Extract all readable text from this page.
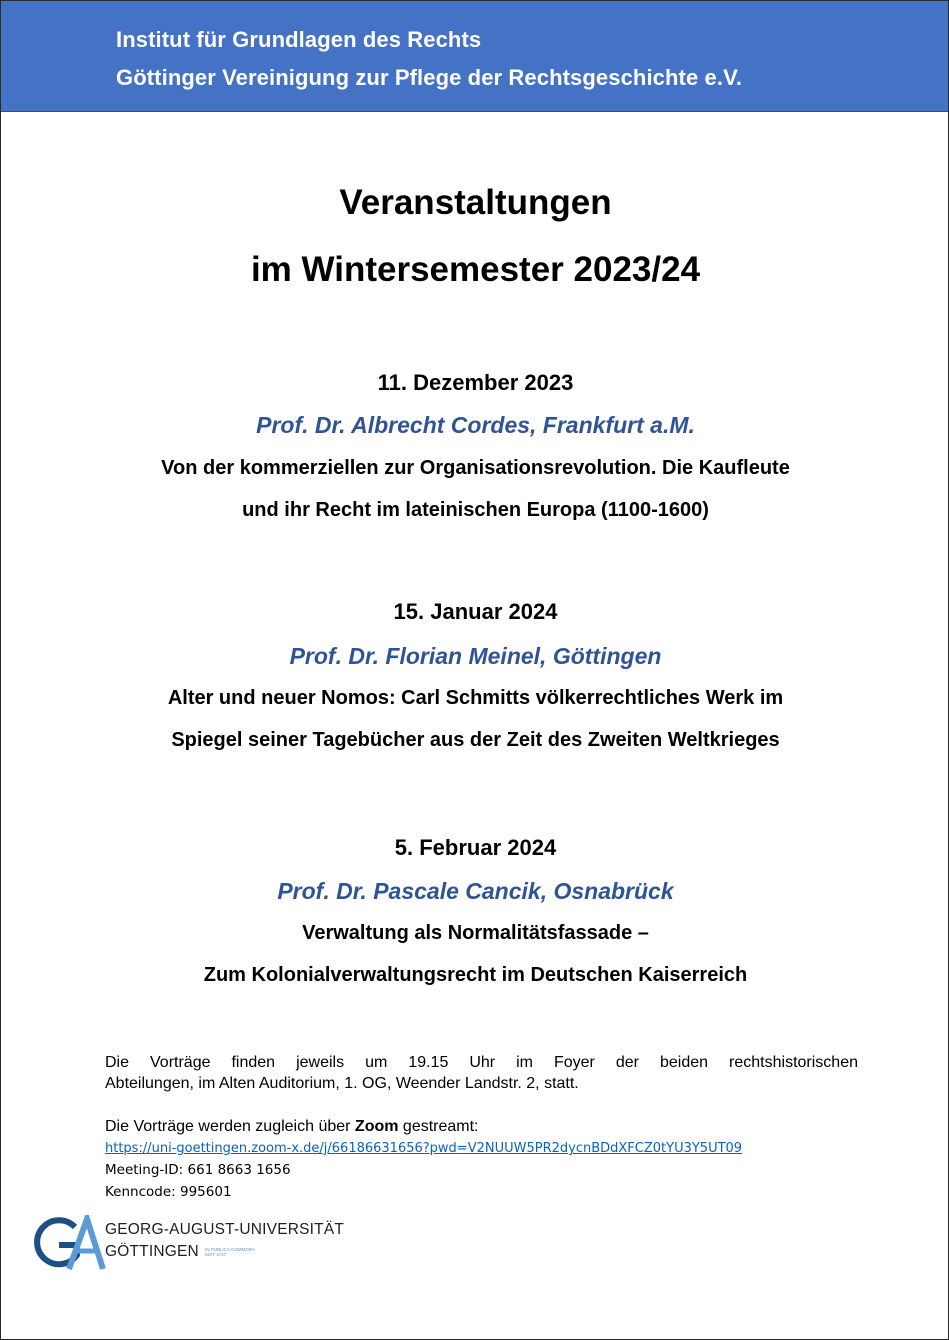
Institut für Grundlagen des Rechts
Göttinger Vereinigung zur Pflege der Rechtsgeschichte e.V.
Veranstaltungen
im Wintersemester 2023/24
11. Dezember 2023
Prof. Dr. Albrecht Cordes, Frankfurt a.M.
Von der kommerziellen zur Organisationsrevolution. Die Kaufleute
und ihr Recht im lateinischen Europa (1100-1600)
15. Januar 2024
Prof. Dr. Florian Meinel, Göttingen
Alter und neuer Nomos: Carl Schmitts völkerrechtliches Werk im
Spiegel seiner Tagebücher aus der Zeit des Zweiten Weltkrieges
5. Februar 2024
Prof. Dr. Pascale Cancik, Osnabrück
Verwaltung als Normalitätsfassade –
Zum Kolonialverwaltungsrecht im Deutschen Kaiserreich
Die Vorträge finden jeweils um 19.15 Uhr im Foyer der beiden rechtshistorischen
Abteilungen, im Alten Auditorium, 1. OG, Weender Landstr. 2, statt.
Die Vorträge werden zugleich über Zoom gestreamt:
https://uni-goettingen.zoom-x.de/j/66186631656?pwd=V2NUUW5PR2dycnBDdXFCZ0tYU3Y5UT09
Meeting-ID: 661 8663 1656
Kenncode: 995601
GEORG-AUGUST-UNIVERSITÄT
GÖTTINGEN IN PUBLICA COMMODA
SEIT 1737
